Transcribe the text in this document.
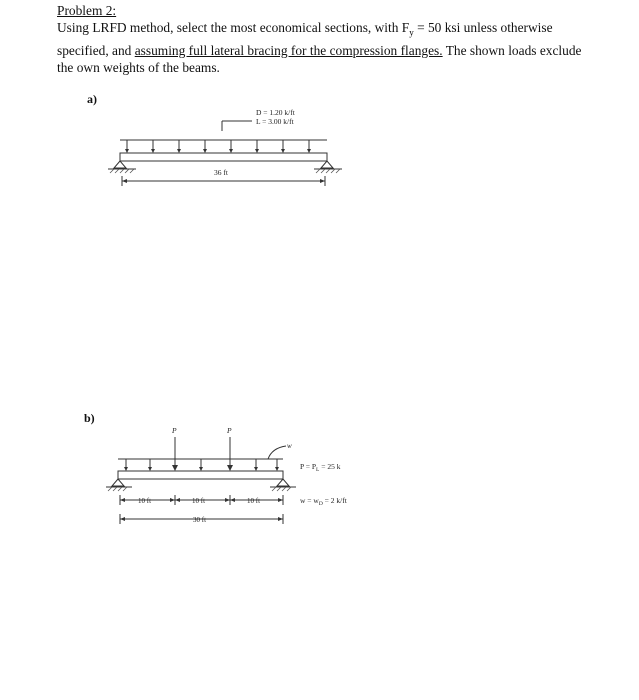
Problem 2:
Using LRFD method, select the most economical sections, with $F_y = 50$ ksi unless otherwise
specified, and assuming full lateral bracing for the compression flanges. The shown loads exclude
the own weights of the beams.
a)
b)
D = 1.20 k/ft
L = 3.00 k/ft
36 ft
P	P
w
$P = P_L = 25$ k
$w = w_D = 2$ k/ft
10 ft	10 ft	10 ft
30 ft
